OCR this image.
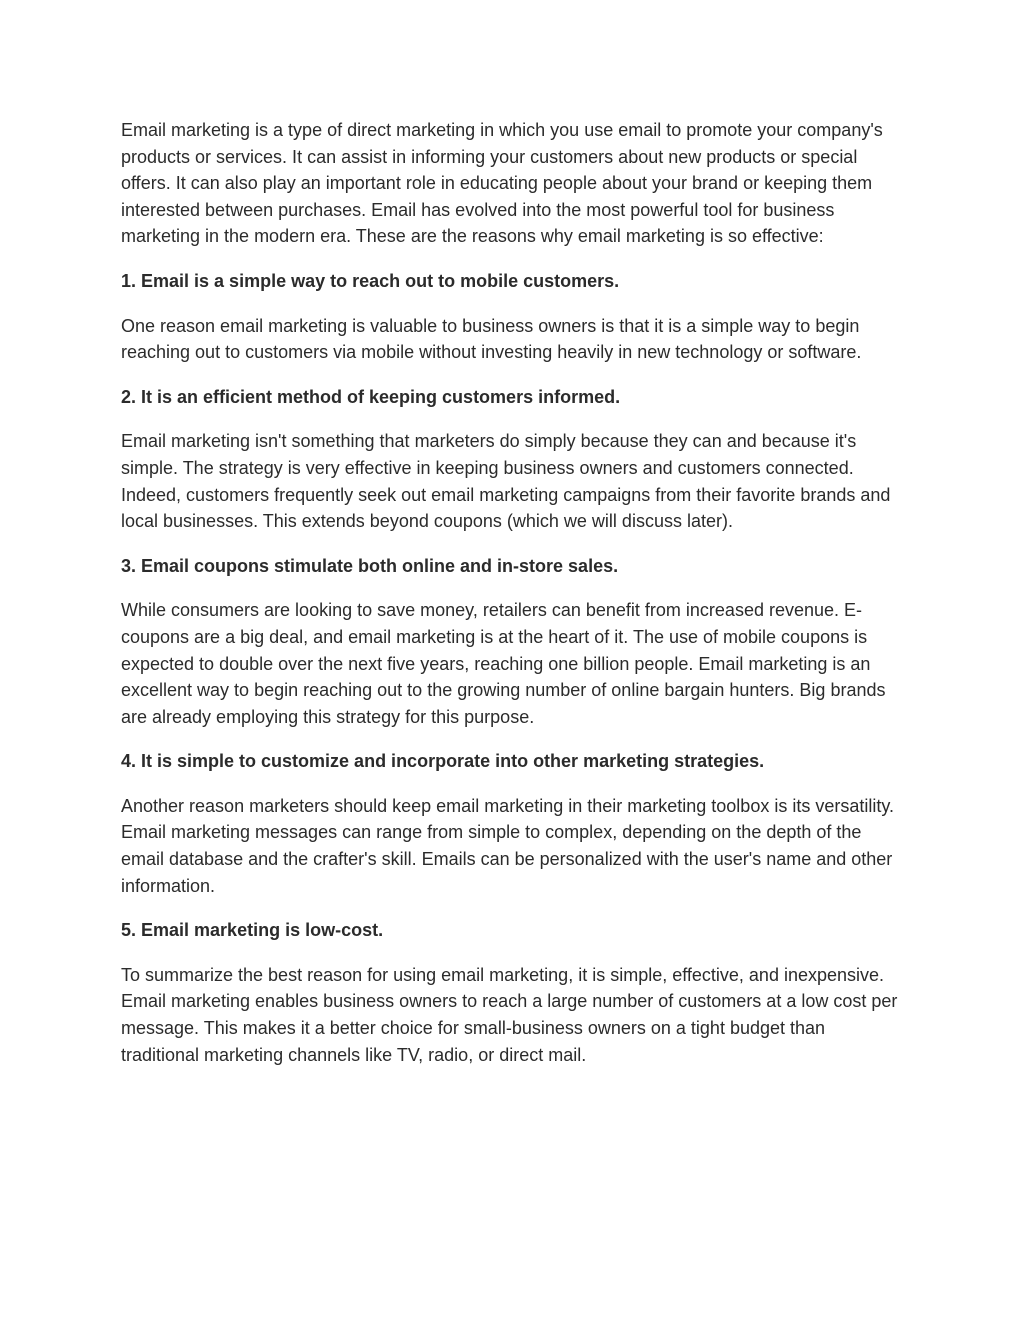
Email marketing is a type of direct marketing in which you use email to promote your company's products or services. It can assist in informing your customers about new products or special offers. It can also play an important role in educating people about your brand or keeping them interested between purchases. Email has evolved into the most powerful tool for business marketing in the modern era. These are the reasons why email marketing is so effective:

1. Email is a simple way to reach out to mobile customers.

One reason email marketing is valuable to business owners is that it is a simple way to begin reaching out to customers via mobile without investing heavily in new technology or software.

2. It is an efficient method of keeping customers informed.

Email marketing isn't something that marketers do simply because they can and because it's simple. The strategy is very effective in keeping business owners and customers connected. Indeed, customers frequently seek out email marketing campaigns from their favorite brands and local businesses. This extends beyond coupons (which we will discuss later).

3. Email coupons stimulate both online and in-store sales.

While consumers are looking to save money, retailers can benefit from increased revenue. E-coupons are a big deal, and email marketing is at the heart of it. The use of mobile coupons is expected to double over the next five years, reaching one billion people. Email marketing is an excellent way to begin reaching out to the growing number of online bargain hunters. Big brands are already employing this strategy for this purpose.

4. It is simple to customize and incorporate into other marketing strategies.

Another reason marketers should keep email marketing in their marketing toolbox is its versatility. Email marketing messages can range from simple to complex, depending on the depth of the email database and the crafter's skill. Emails can be personalized with the user's name and other information.

5. Email marketing is low-cost.

To summarize the best reason for using email marketing, it is simple, effective, and inexpensive. Email marketing enables business owners to reach a large number of customers at a low cost per message. This makes it a better choice for small-business owners on a tight budget than traditional marketing channels like TV, radio, or direct mail.
